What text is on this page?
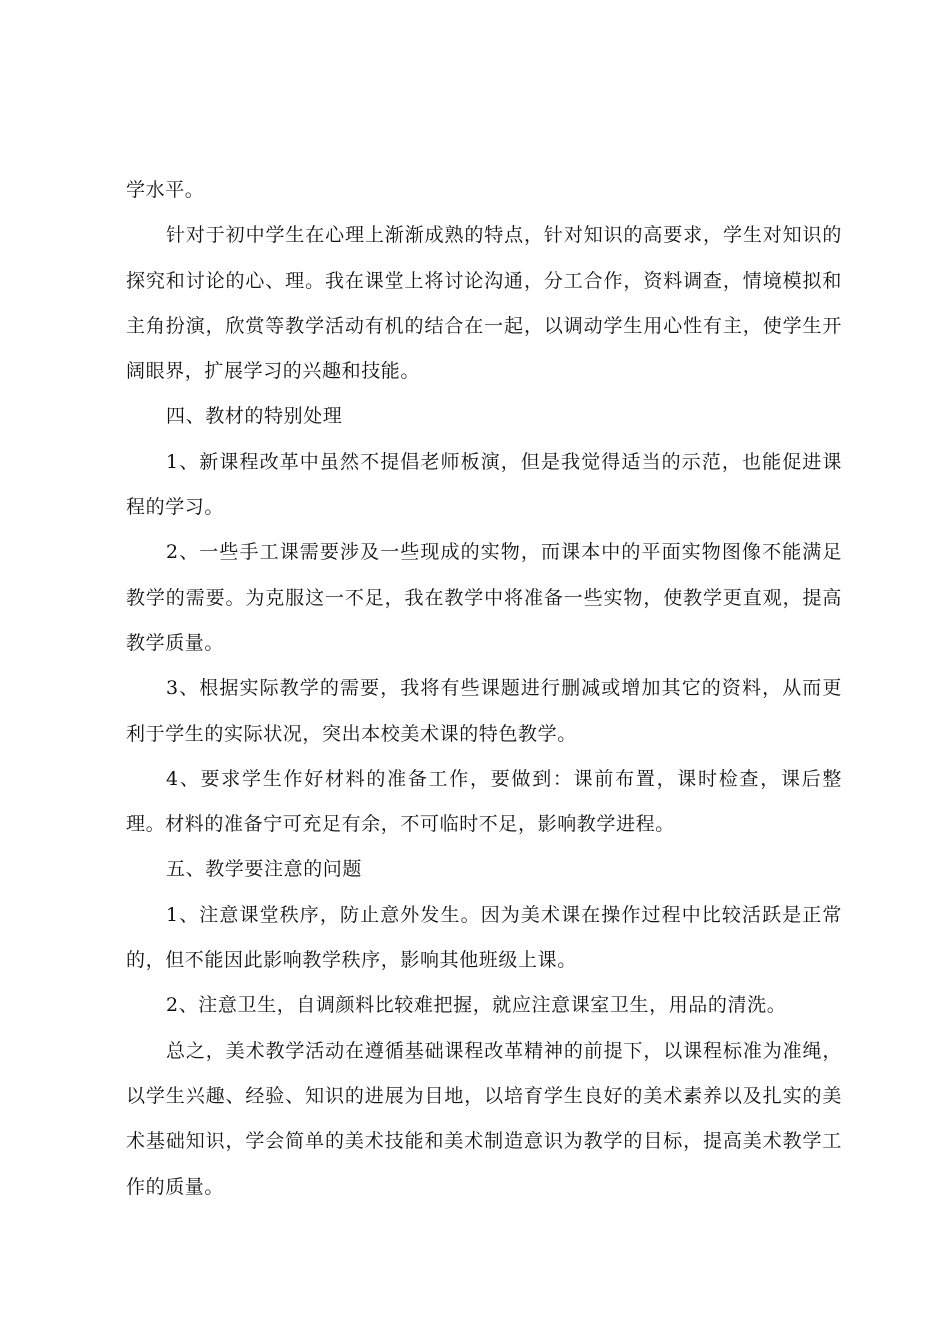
学水平。

针对于初中学生在心理上渐渐成熟的特点，针对知识的高要求，学生对知识的探究和讨论的心、理。我在课堂上将讨论沟通，分工合作，资料调查，情境模拟和主角扮演，欣赏等教学活动有机的结合在一起，以调动学生用心性有主，使学生开阔眼界，扩展学习的兴趣和技能。

四、教材的特别处理

1、新课程改革中虽然不提倡老师板演，但是我觉得适当的示范，也能促进课程的学习。

2、一些手工课需要涉及一些现成的实物，而课本中的平面实物图像不能满足教学的需要。为克服这一不足，我在教学中将准备一些实物，使教学更直观，提高教学质量。

3、根据实际教学的需要，我将有些课题进行删减或增加其它的资料，从而更利于学生的实际状况，突出本校美术课的特色教学。

4、要求学生作好材料的准备工作，要做到：课前布置，课时检查，课后整理。材料的准备宁可充足有余，不可临时不足，影响教学进程。

五、教学要注意的问题

1、注意课堂秩序，防止意外发生。因为美术课在操作过程中比较活跃是正常的，但不能因此影响教学秩序，影响其他班级上课。

2、注意卫生，自调颜料比较难把握，就应注意课室卫生，用品的清洗。

总之，美术教学活动在遵循基础课程改革精神的前提下，以课程标准为准绳，以学生兴趣、经验、知识的进展为目地，以培育学生良好的美术素养以及扎实的美术基础知识，学会简单的美术技能和美术制造意识为教学的目标，提高美术教学工作的质量。
